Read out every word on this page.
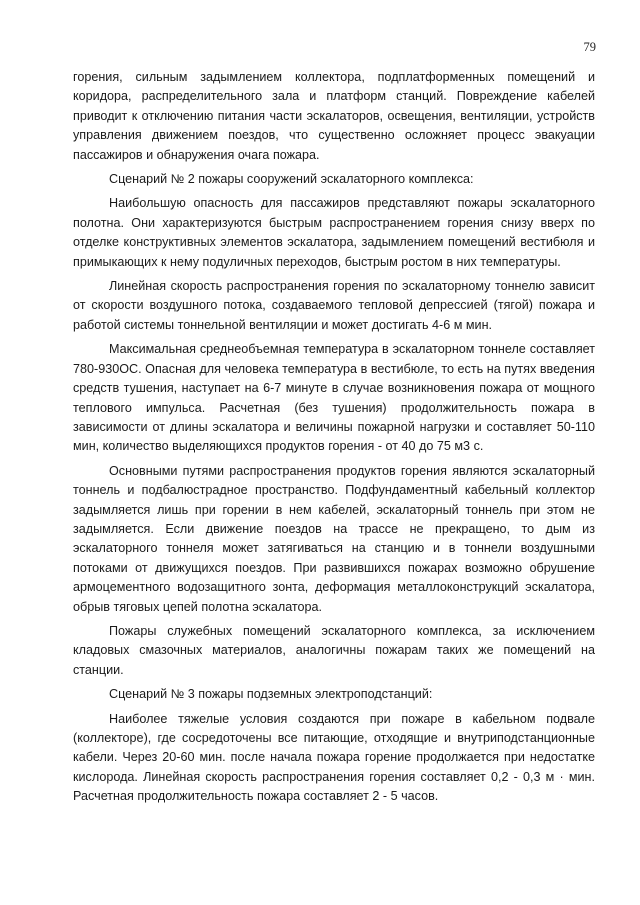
79

горения, сильным задымлением коллектора, подплатформенных помещений и коридора, распределительного зала и платформ станций. Повреждение кабелей приводит к отключению питания части эскалаторов, освещения, вентиляции, устройств управления движением поездов, что существенно осложняет процесс эвакуации пассажиров и обнаружения очага пожара.

Сценарий № 2 пожары сооружений эскалаторного комплекса:

Наибольшую опасность для пассажиров представляют пожары эскалаторного полотна. Они характеризуются быстрым распространением горения снизу вверх по отделке конструктивных элементов эскалатора, задымлением помещений вестибюля и примыкающих к нему подуличных переходов, быстрым ростом в них температуры.

Линейная скорость распространения горения по эскалаторному тоннелю зависит от скорости воздушного потока, создаваемого тепловой депрессией (тягой) пожара и работой системы тоннельной вентиляции и может достигать 4-6 м мин.

Максимальная среднеобъемная температура в эскалаторном тоннеле составляет 780-930ОС. Опасная для человека температура в вестибюле, то есть на путях введения средств тушения, наступает на 6-7 минуте в случае возникновения пожара от мощного теплового импульса. Расчетная (без тушения) продолжительность пожара в зависимости от длины эскалатора и величины пожарной нагрузки и составляет 50-110 мин, количество выделяющихся продуктов горения - от 40 до 75 м3 с.

Основными путями распространения продуктов горения являются эскалаторный тоннель и подбалюстрадное пространство. Подфундаментный кабельный коллектор задымляется лишь при горении в нем кабелей, эскалаторный тоннель при этом не задымляется. Если движение поездов на трассе не прекращено, то дым из эскалаторного тоннеля может затягиваться на станцию и в тоннели воздушными потоками от движущихся поездов. При развившихся пожарах возможно обрушение армоцементного водозащитного зонта, деформация металлоконструкций эскалатора, обрыв тяговых цепей полотна эскалатора.

Пожары служебных помещений эскалаторного комплекса, за исключением кладовых смазочных материалов, аналогичны пожарам таких же помещений на станции.

Сценарий № 3 пожары подземных электроподстанций:

Наиболее тяжелые условия создаются при пожаре в кабельном подвале (коллекторе), где сосредоточены все питающие, отходящие и внутриподстанционные кабели. Через 20-60 мин. после начала пожара горение продолжается при недостатке кислорода. Линейная скорость распространения горения составляет 0,2 - 0,3 м · мин. Расчетная продолжительность пожара составляет 2 - 5 часов.
